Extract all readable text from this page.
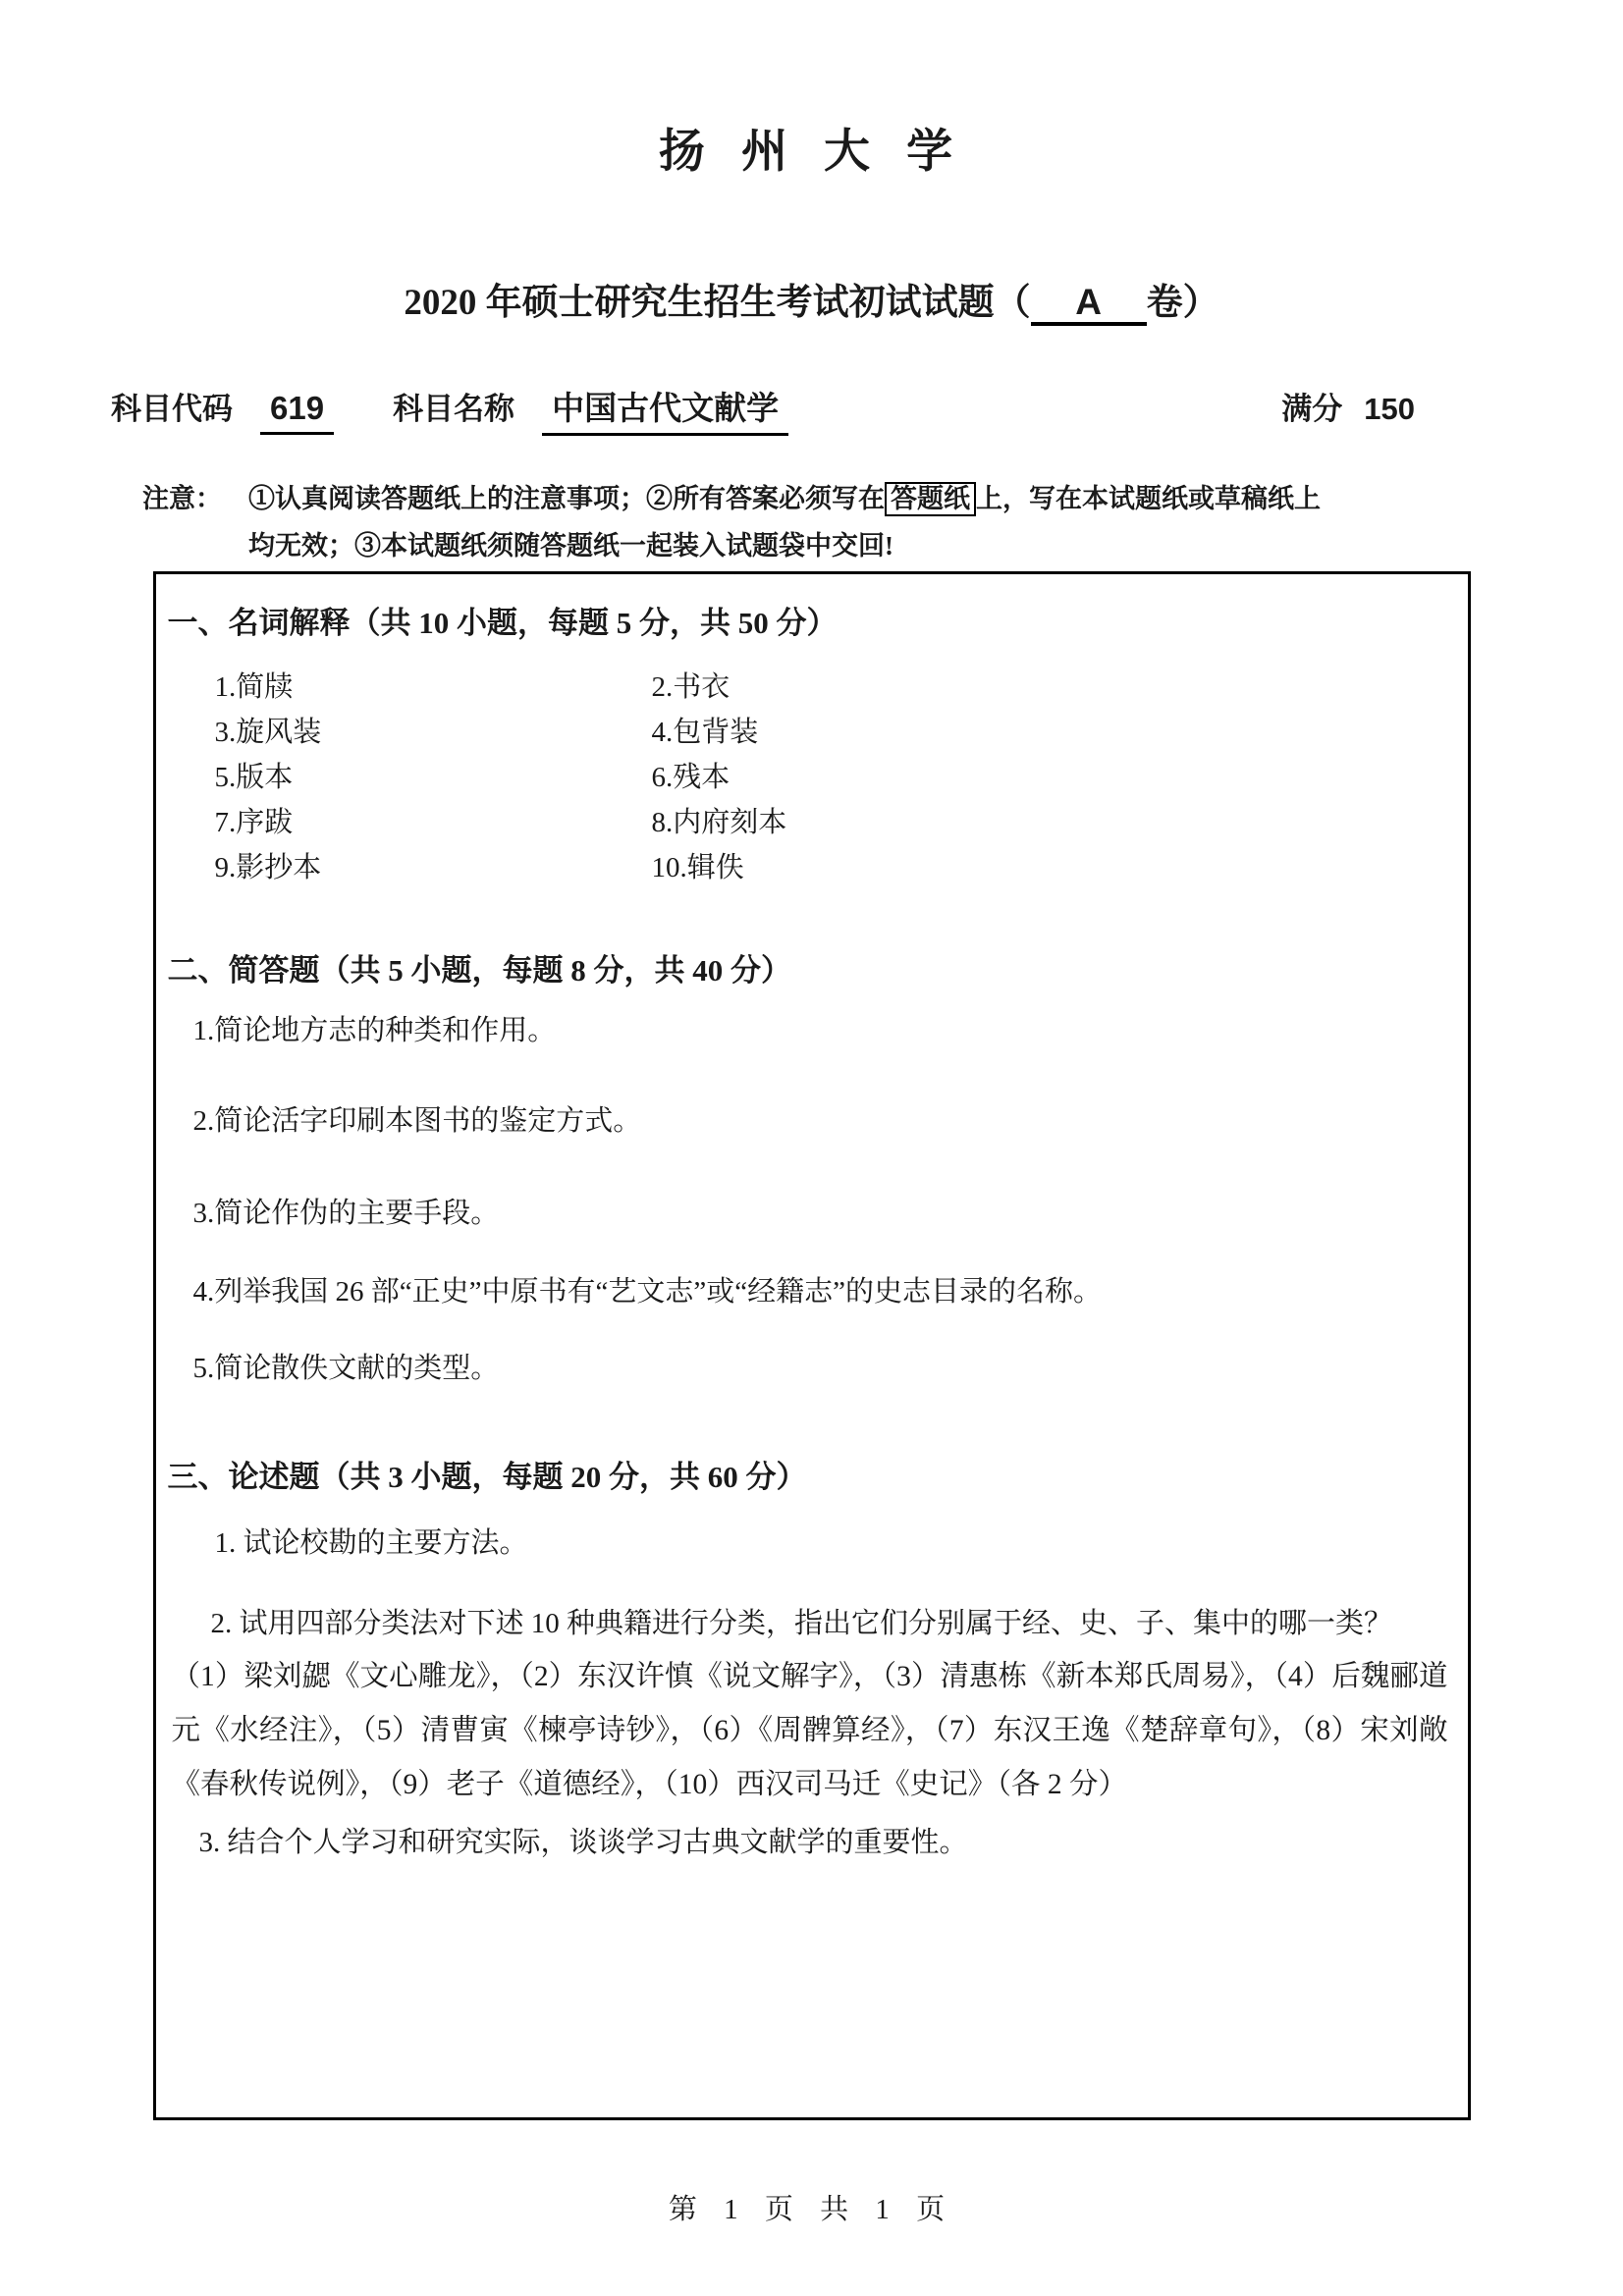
扬 州 大 学
2020 年硕士研究生招生考试初试试题（ A 卷）
科目代码	619	科目名称	中国古代文献学	满分 150
注意：	①认真阅读答题纸上的注意事项；②所有答案必须写在 答题纸 上，写在本试题纸或草稿纸上
均无效；③本试题纸须随答题纸一起装入试题袋中交回!
一、名词解释（共 10 小题，每题 5 分，共 50 分）
1.简牍	2.书衣
3.旋风装	4.包背装
5.版本	6.残本
7.序跋	8.内府刻本
9.影抄本	10.辑佚
二、简答题（共 5 小题，每题 8 分，共 40 分）
1.简论地方志的种类和作用。
2.简论活字印刷本图书的鉴定方式。
3.简论作伪的主要手段。
4.列举我国 26 部“正史”中原书有“艺文志”或“经籍志”的史志目录的名称。
5.简论散佚文献的类型。
三、论述题（共 3 小题，每题 20 分，共 60 分）
1. 试论校勘的主要方法。
2. 试用四部分类法对下述 10 种典籍进行分类，指出它们分别属于经、史、子、集中的哪一类？
（1）梁刘勰《文心雕龙》，（2）东汉许慎《说文解字》，（3）清惠栋《新本郑氏周易》，（4）后魏郦道元《水经注》，（5）清曹寅《楝亭诗钞》，（6）《周髀算经》，（7）东汉王逸《楚辞章句》，（8）宋刘敞《春秋传说例》，（9）老子《道德经》，（10）西汉司马迁《史记》（各 2 分）
3. 结合个人学习和研究实际，谈谈学习古典文献学的重要性。
第 1 页 共 1 页
